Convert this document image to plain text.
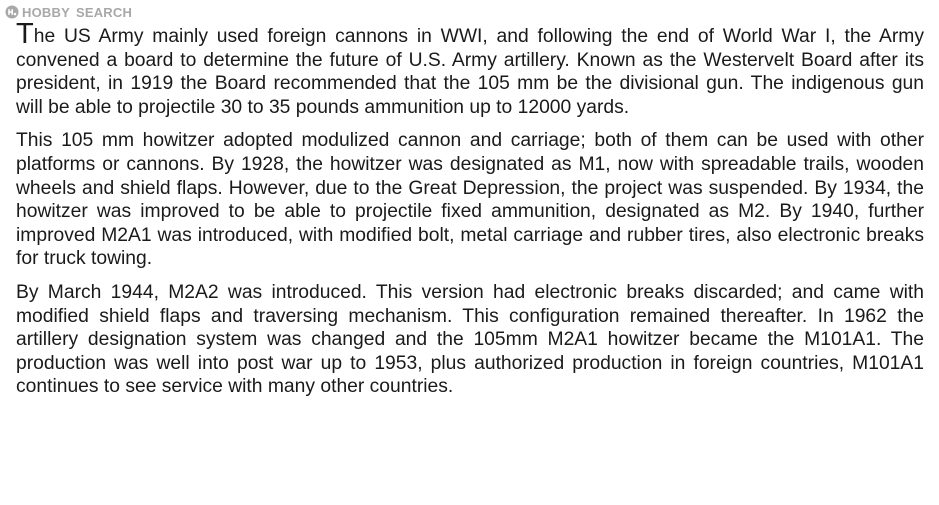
HOBBY SEARCH

The US Army mainly used foreign cannons in WWI, and following the end of World War I, the Army convened a board to determine the future of U.S. Army artillery. Known as the Westervelt Board after its president, in 1919 the Board recommended that the 105 mm be the divisional gun. The indigenous gun will be able to projectile 30 to 35 pounds ammunition up to 12000 yards.

This 105 mm howitzer adopted modulized cannon and carriage; both of them can be used with other platforms or cannons. By 1928, the howitzer was designated as M1, now with spreadable trails, wooden wheels and shield flaps. However, due to the Great Depression, the project was suspended. By 1934, the howitzer was improved to be able to projectile fixed ammunition, designated as M2. By 1940, further improved M2A1 was introduced, with modified bolt, metal carriage and rubber tires, also electronic breaks for truck towing.

By March 1944, M2A2 was introduced. This version had electronic breaks discarded; and came with modified shield flaps and traversing mechanism. This configuration remained thereafter. In 1962 the artillery designation system was changed and the 105mm M2A1 howitzer became the M101A1. The production was well into post war up to 1953, plus authorized production in foreign countries, M101A1 continues to see service with many other countries.
